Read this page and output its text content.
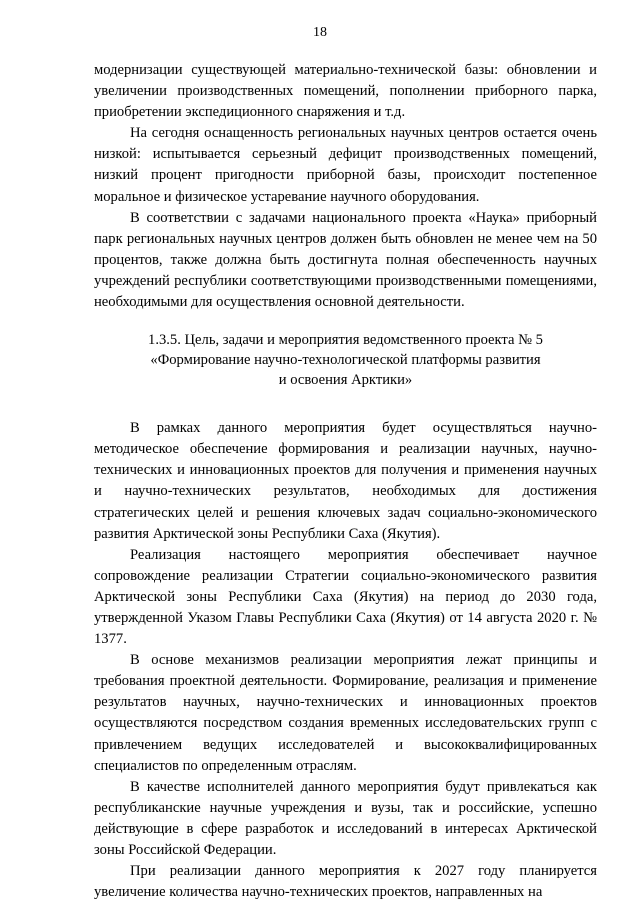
18

модернизации существующей материально-технической базы: обновлении и увеличении производственных помещений, пополнении приборного парка, приобретении экспедиционного снаряжения и т.д.

На сегодня оснащенность региональных научных центров остается очень низкой: испытывается серьезный дефицит производственных помещений, низкий процент пригодности приборной базы, происходит постепенное моральное и физическое устаревание научного оборудования.

В соответствии с задачами национального проекта «Наука» приборный парк региональных научных центров должен быть обновлен не менее чем на 50 процентов, также должна быть достигнута полная обеспеченность научных учреждений республики соответствующими производственными помещениями, необходимыми для осуществления основной деятельности.

1.3.5. Цель, задачи и мероприятия ведомственного проекта № 5
«Формирование научно-технологической платформы развития
и освоения Арктики»

В рамках данного мероприятия будет осуществляться научно-методическое обеспечение формирования и реализации научных, научно-технических и инновационных проектов для получения и применения научных и научно-технических результатов, необходимых для достижения стратегических целей и решения ключевых задач социально-экономического развития Арктической зоны Республики Саха (Якутия).

Реализация настоящего мероприятия обеспечивает научное сопровождение реализации Стратегии социально-экономического развития Арктической зоны Республики Саха (Якутия) на период до 2030 года, утвержденной Указом Главы Республики Саха (Якутия) от 14 августа 2020 г. № 1377.

В основе механизмов реализации мероприятия лежат принципы и требования проектной деятельности. Формирование, реализация и применение результатов научных, научно-технических и инновационных проектов осуществляются посредством создания временных исследовательских групп с привлечением ведущих исследователей и высококвалифицированных специалистов по определенным отраслям.

В качестве исполнителей данного мероприятия будут привлекаться как республиканские научные учреждения и вузы, так и российские, успешно действующие в сфере разработок и исследований в интересах Арктической зоны Российской Федерации.

При реализации данного мероприятия к 2027 году планируется увеличение количества научно-технических проектов, направленных на
